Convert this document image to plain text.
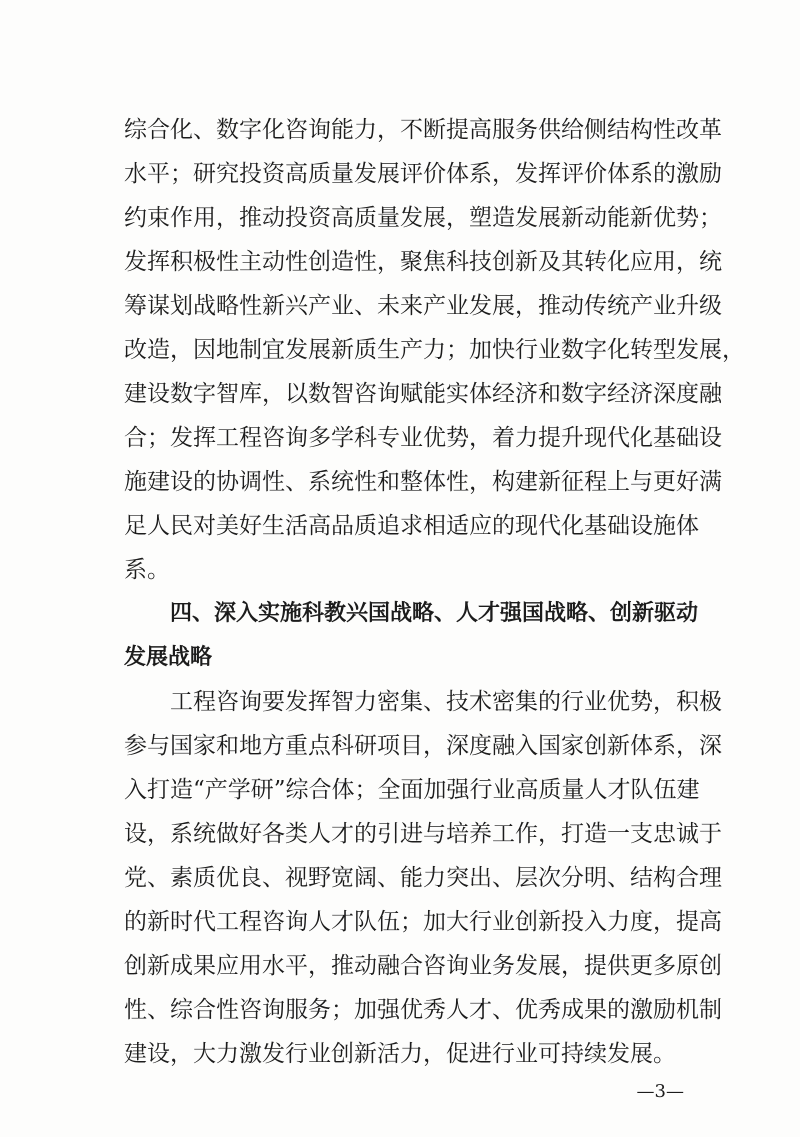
综合化、数字化咨询能力，不断提高服务供给侧结构性改革
水平；研究投资高质量发展评价体系，发挥评价体系的激励
约束作用，推动投资高质量发展，塑造发展新动能新优势；
发挥积极性主动性创造性，聚焦科技创新及其转化应用，统
筹谋划战略性新兴产业、未来产业发展，推动传统产业升级
改造，因地制宜发展新质生产力；加快行业数字化转型发展，
建设数字智库，以数智咨询赋能实体经济和数字经济深度融
合；发挥工程咨询多学科专业优势，着力提升现代化基础设
施建设的协调性、系统性和整体性，构建新征程上与更好满
足人民对美好生活高品质追求相适应的现代化基础设施体
系。
四、深入实施科教兴国战略、人才强国战略、创新驱动
发展战略
工程咨询要发挥智力密集、技术密集的行业优势，积极
参与国家和地方重点科研项目，深度融入国家创新体系，深
入打造“产学研”综合体；全面加强行业高质量人才队伍建
设，系统做好各类人才的引进与培养工作，打造一支忠诚于
党、素质优良、视野宽阔、能力突出、层次分明、结构合理
的新时代工程咨询人才队伍；加大行业创新投入力度，提高
创新成果应用水平，推动融合咨询业务发展，提供更多原创
性、综合性咨询服务；加强优秀人才、优秀成果的激励机制
建设，大力激发行业创新活力，促进行业可持续发展。
—3—
